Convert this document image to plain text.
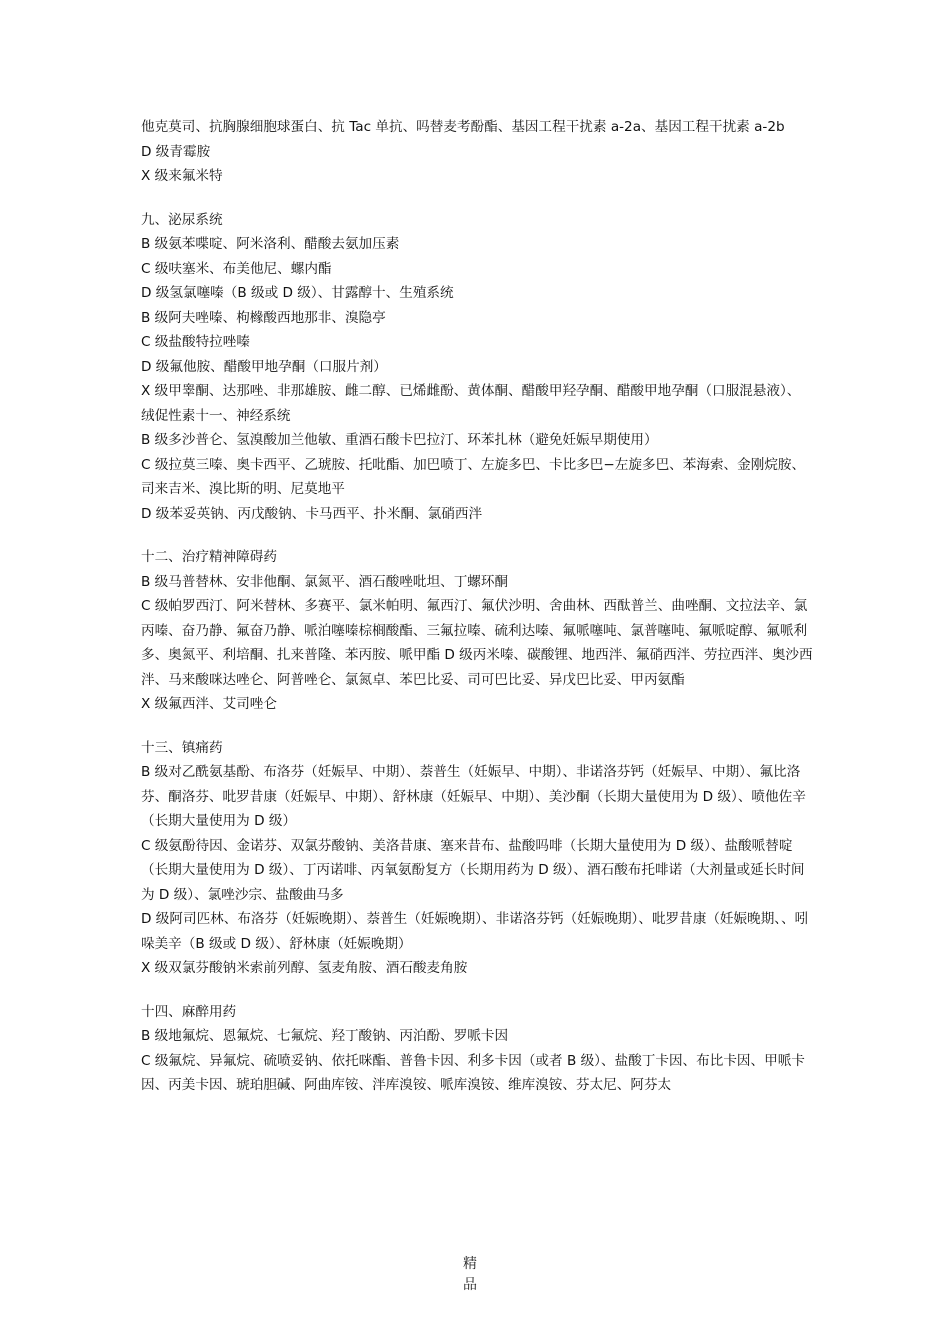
他克莫司、抗胸腺细胞球蛋白、抗 Tac 单抗、吗替麦考酚酯、基因工程干扰素 a-2a、基因工程干扰素 a-2b

D 级青霉胺

X 级来氟米特

九、泌尿系统

B 级氨苯喋啶、阿米洛利、醋酸去氨加压素

C 级呋塞米、布美他尼、螺内酯

D 级氢氯噻嗪（B 级或 D 级）、甘露醇十、生殖系统

B 级阿夫唑嗪、枸橼酸西地那非、溴隐亭

C 级盐酸特拉唑嗪

D 级氟他胺、醋酸甲地孕酮（口服片剂）

X 级甲睾酮、达那唑、非那雄胺、雌二醇、已烯雌酚、黄体酮、醋酸甲羟孕酮、醋酸甲地孕酮（口服混悬液）、绒促性素十一、神经系统

B 级多沙普仑、氢溴酸加兰他敏、重酒石酸卡巴拉汀、环苯扎林（避免妊娠早期使用）

C 级拉莫三嗪、奥卡西平、乙琥胺、托吡酯、加巴喷丁、左旋多巴、卡比多巴−左旋多巴、苯海索、金刚烷胺、司来吉米、溴比斯的明、尼莫地平

D 级苯妥英钠、丙戊酸钠、卡马西平、扑米酮、氯硝西泮

十二、治疗精神障碍药

B 级马普替林、安非他酮、氯氮平、酒石酸唑吡坦、丁螺环酮

C 级帕罗西汀、阿米替林、多赛平、氯米帕明、氟西汀、氟伏沙明、舍曲林、西酞普兰、曲唑酮、文拉法辛、氯丙嗪、奋乃静、氟奋乃静、哌泊噻嗪棕榈酸酯、三氟拉嗪、硫利达嗪、氟哌噻吨、氯普噻吨、氟哌啶醇、氟哌利多、奥氮平、利培酮、扎来普隆、苯丙胺、哌甲酯 D 级丙米嗪、碳酸锂、地西泮、氟硝西泮、劳拉西泮、奥沙西泮、马来酸咪达唑仑、阿普唑仑、氯氮卓、苯巴比妥、司可巴比妥、异戊巴比妥、甲丙氨酯

X 级氟西泮、艾司唑仑

十三、镇痛药

B 级对乙酰氨基酚、布洛芬（妊娠早、中期）、萘普生（妊娠早、中期）、非诺洛芬钙（妊娠早、中期）、氟比洛芬、酮洛芬、吡罗昔康（妊娠早、中期）、舒林康（妊娠早、中期）、美沙酮（长期大量使用为 D 级）、喷他佐辛（长期大量使用为 D 级）

C 级氨酚待因、金诺芬、双氯芬酸钠、美洛昔康、塞来昔布、盐酸吗啡（长期大量使用为 D 级）、盐酸哌替啶（长期大量使用为 D 级）、丁丙诺啡、丙氧氨酚复方（长期用药为 D 级）、酒石酸布托啡诺（大剂量或延长时间为 D 级）、氯唑沙宗、盐酸曲马多

D 级阿司匹林、布洛芬（妊娠晚期）、萘普生（妊娠晚期）、非诺洛芬钙（妊娠晚期）、吡罗昔康（妊娠晚期、、吲哚美辛（B 级或 D 级）、舒林康（妊娠晚期）

X 级双氯芬酸钠米索前列醇、氢麦角胺、酒石酸麦角胺

十四、麻醉用药

B 级地氟烷、恩氟烷、七氟烷、羟丁酸钠、丙泊酚、罗哌卡因

C 级氟烷、异氟烷、硫喷妥钠、依托咪酯、普鲁卡因、利多卡因（或者 B 级）、盐酸丁卡因、布比卡因、甲哌卡因、丙美卡因、琥珀胆碱、阿曲库铵、泮库溴铵、哌库溴铵、维库溴铵、芬太尼、阿芬太

精品
